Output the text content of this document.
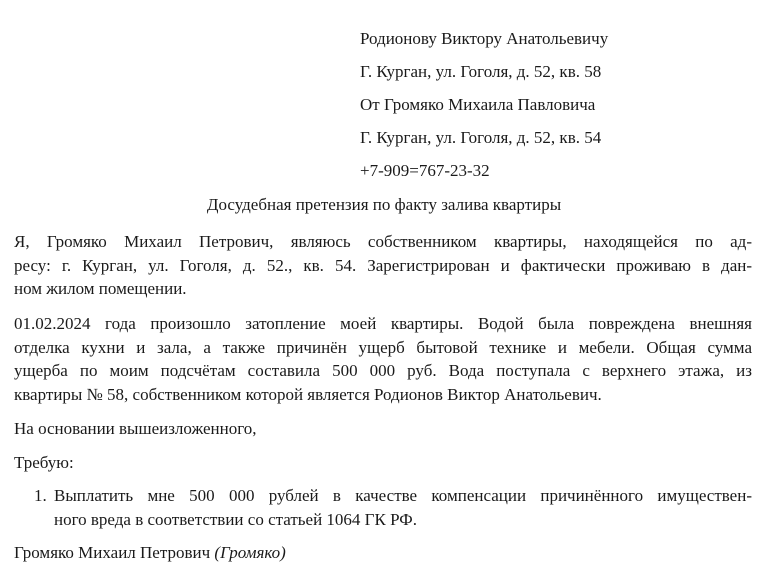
Родионову Виктору Анатольевичу
Г. Курган, ул. Гоголя, д. 52, кв. 58
От Громяко Михаила Павловича
Г. Курган, ул. Гоголя, д. 52, кв. 54
+7-909=767-23-32
Досудебная претензия по факту залива квартиры
Я, Громяко Михаил Петрович, являюсь собственником квартиры, находящейся по ад-
ресу: г. Курган, ул. Гоголя, д. 52., кв. 54. Зарегистрирован и фактически проживаю в дан-
ном жилом помещении.
01.02.2024 года произошло затопление моей квартиры. Водой была повреждена внешняя
отделка кухни и зала, а также причинён ущерб бытовой технике и мебели. Общая сумма
ущерба по моим подсчётам составила 500 000 руб. Вода поступала с верхнего этажа, из
квартиры № 58, собственником которой является Родионов Виктор Анатольевич.
На основании вышеизложенного,
Требую:
1. Выплатить мне 500 000 рублей в качестве компенсации причинённого имуществен-
ного вреда в соответствии со статьей 1064 ГК РФ.
Громяко Михаил Петрович (Громяко)
